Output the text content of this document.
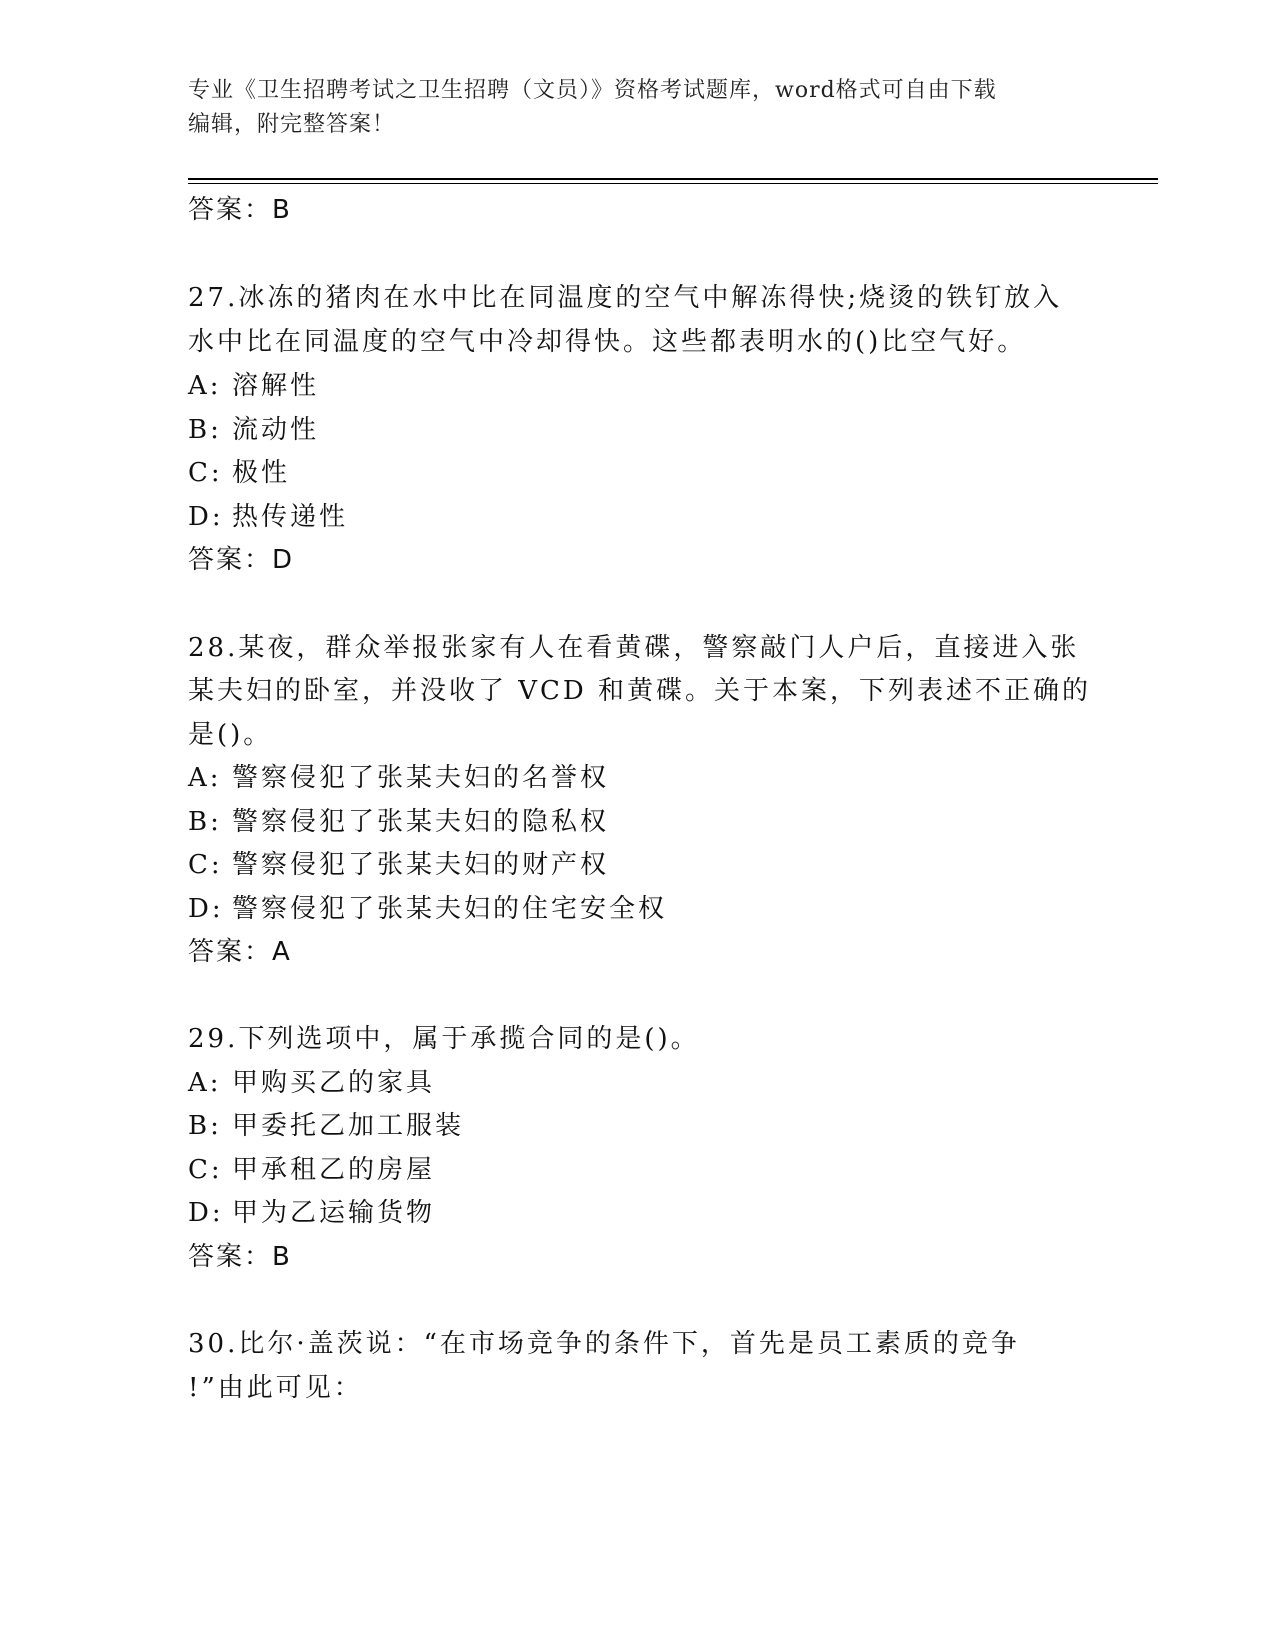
专业《卫生招聘考试之卫生招聘（文员）》资格考试题库，word格式可自由下载
编辑，附完整答案！
答案：B
27.冰冻的猪肉在水中比在同温度的空气中解冻得快;烧烫的铁钉放入
水中比在同温度的空气中冷却得快。这些都表明水的()比空气好。
A: 溶解性
B: 流动性
C: 极性
D: 热传递性
答案：D
28.某夜，群众举报张家有人在看黄碟，警察敲门人户后，直接进入张
某夫妇的卧室，并没收了 VCD 和黄碟。关于本案，下列表述不正确的
是()。
A: 警察侵犯了张某夫妇的名誉权
B: 警察侵犯了张某夫妇的隐私权
C: 警察侵犯了张某夫妇的财产权
D: 警察侵犯了张某夫妇的住宅安全权
答案：A
29.下列选项中，属于承揽合同的是()。
A: 甲购买乙的家具
B: 甲委托乙加工服装
C: 甲承租乙的房屋
D: 甲为乙运输货物
答案：B
30.比尔·盖茨说：“在市场竞争的条件下，首先是员工素质的竞争
!”由此可见：
